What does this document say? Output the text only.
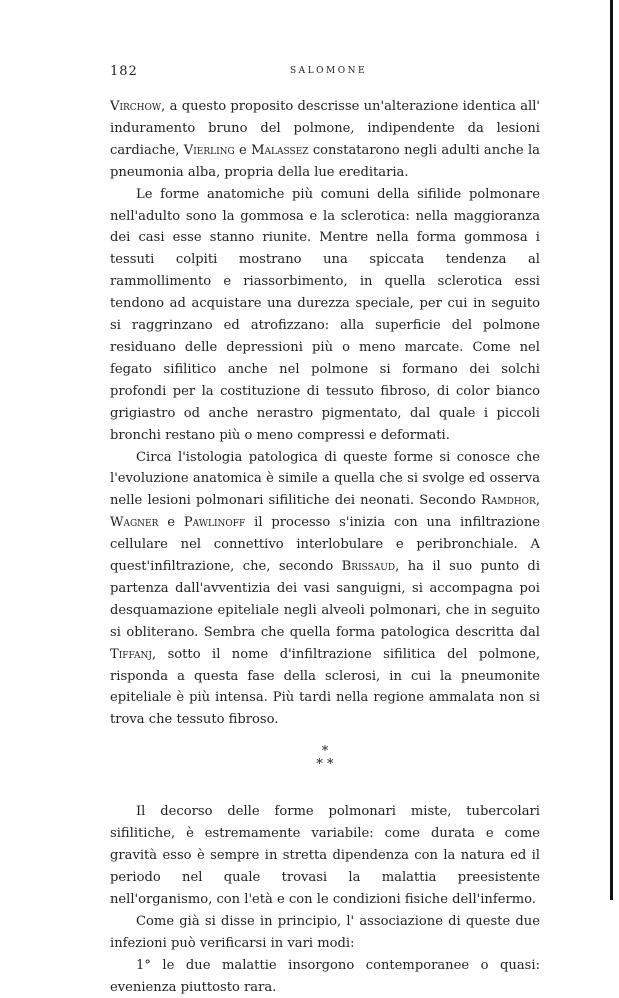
182	SALOMONE

Virchow, a questo proposito descrisse un'alterazione identica all' induramento bruno del polmone, indipendente da lesioni cardiache, Vierling e Malassez constatarono negli adulti anche la pneumonia alba, propria della lue ereditaria.

Le forme anatomiche più comuni della sifilide polmonare nell'adulto sono la gommosa e la sclerotica: nella maggioranza dei casi esse stanno riunite. Mentre nella forma gommosa i tessuti colpiti mostrano una spiccata tendenza al rammollimento e riassorbimento, in quella sclerotica essi tendono ad acquistare una durezza speciale, per cui in seguito si raggrinzano ed atrofizzano: alla superficie del polmone residuano delle depressioni più o meno marcate. Come nel fegato sifilitico anche nel polmone si formano dei solchi profondi per la costituzione di tessuto fibroso, di color bianco grigiastro od anche nerastro pigmentato, dal quale i piccoli bronchi restano più o meno compressi e deformati.

Circa l'istologia patologica di queste forme si conosce che l'evoluzione anatomica è simile a quella che si svolge ed osserva nelle lesioni polmonari sifilitiche dei neonati. Secondo Ramdhor, Wagner e Pawlinoff il processo s'inizia con una infiltrazione cellulare nel connettivo interlobulare e peribronchiale. A quest'infiltrazione, che, secondo Brissaud, ha il suo punto di partenza dall'avventizia dei vasi sanguigni, si accompagna poi desquamazione epiteliale negli alveoli polmonari, che in seguito si obliterano. Sembra che quella forma patologica descritta dal Tiffanj, sotto il nome d'infiltrazione sifilitica del polmone, risponda a questa fase della sclerosi, in cui la pneumonite epiteliale è più intensa. Più tardi nella regione ammalata non si trova che tessuto fibroso.

*
* *

Il decorso delle forme polmonari miste, tubercolari sifilitiche, è estremamente variabile: come durata e come gravità esso è sempre in stretta dipendenza con la natura ed il periodo nel quale trovasi la malattia preesistente nell'organismo, con l'età e con le condizioni fisiche dell'infermo.

Come già si disse in principio, l' associazione di queste due infezioni può verificarsi in vari modi:

1° le due malattie insorgono contemporanee o quasi: evenienza piuttosto rara.
